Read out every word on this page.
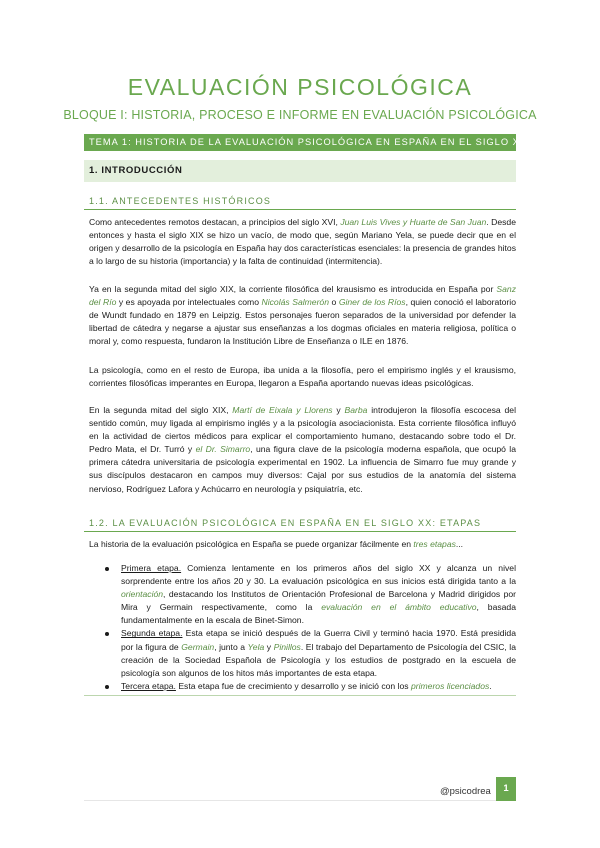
EVALUACIÓN PSICOLÓGICA
BLOQUE I: HISTORIA, PROCESO E INFORME EN EVALUACIÓN PSICOLÓGICA
TEMA 1: HISTORIA DE LA EVALUACIÓN PSICOLÓGICA EN ESPAÑA EN EL SIGLO XX
1. INTRODUCCIÓN
1.1. ANTECEDENTES HISTÓRICOS

Como antecedentes remotos destacan, a principios del siglo XVI, Juan Luis Vives y Huarte de San Juan. Desde entonces y hasta el siglo XIX se hizo un vacío, de modo que, según Mariano Yela, se puede decir que en el origen y desarrollo de la psicología en España hay dos características esenciales: la presencia de grandes hitos a lo largo de su historia (importancia) y la falta de continuidad (intermitencia).

Ya en la segunda mitad del siglo XIX, la corriente filosófica del krausismo es introducida en España por Sanz del Río y es apoyada por intelectuales como Nicolás Salmerón o Giner de los Ríos, quien conoció el laboratorio de Wundt fundado en 1879 en Leipzig. Estos personajes fueron separados de la universidad por defender la libertad de cátedra y negarse a ajustar sus enseñanzas a los dogmas oficiales en materia religiosa, política o moral y, como respuesta, fundaron la Institución Libre de Enseñanza o ILE en 1876.

La psicología, como en el resto de Europa, iba unida a la filosofía, pero el empirismo inglés y el krausismo, corrientes filosóficas imperantes en Europa, llegaron a España aportando nuevas ideas psicológicas.

En la segunda mitad del siglo XIX, Martí de Eixala y Llorens y Barba introdujeron la filosofía escocesa del sentido común, muy ligada al empirismo inglés y a la psicología asociacionista. Esta corriente filosófica influyó en la actividad de ciertos médicos para explicar el comportamiento humano, destacando sobre todo el Dr. Pedro Mata, el Dr. Turró y el Dr. Simarro, una figura clave de la psicología moderna española, que ocupó la primera cátedra universitaria de psicología experimental en 1902. La influencia de Simarro fue muy grande y sus discípulos destacaron en campos muy diversos: Cajal por sus estudios de la anatomía del sistema nervioso, Rodríguez Lafora y Achúcarro en neurología y psiquiatría, etc.

1.2. LA EVALUACIÓN PSICOLÓGICA EN ESPAÑA EN EL SIGLO XX: ETAPAS

La historia de la evaluación psicológica en España se puede organizar fácilmente en tres etapas...

Primera etapa. Comienza lentamente en los primeros años del siglo XX y alcanza un nivel sorprendente entre los años 20 y 30. La evaluación psicológica en sus inicios está dirigida tanto a la orientación, destacando los Institutos de Orientación Profesional de Barcelona y Madrid dirigidos por Mira y Germain respectivamente, como la evaluación en el ámbito educativo, basada fundamentalmente en la escala de Binet-Simon.
Segunda etapa. Esta etapa se inició después de la Guerra Civil y terminó hacia 1970. Está presidida por la figura de Germain, junto a Yela y Pinillos. El trabajo del Departamento de Psicología del CSIC, la creación de la Sociedad Española de Psicología y los estudios de postgrado en la escuela de psicología son algunos de los hitos más importantes de esta etapa.
Tercera etapa. Esta etapa fue de crecimiento y desarrollo y se inició con los primeros licenciados.
@psicodrea	1
